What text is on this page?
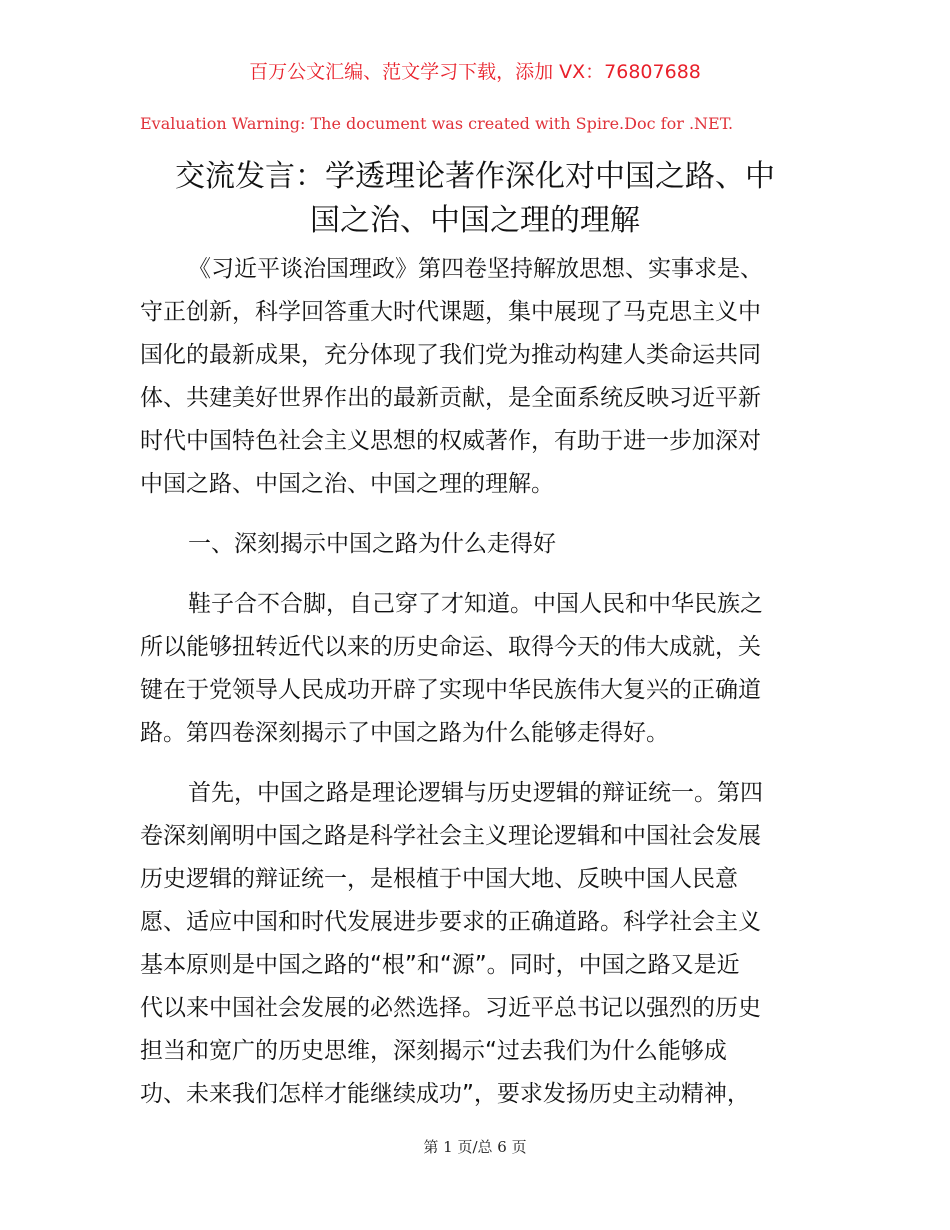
百万公文汇编、范文学习下载，添加 VX：76807688
Evaluation Warning: The document was created with Spire.Doc for .NET.
交流发言：学透理论著作深化对中国之路、中
国之治、中国之理的理解
《习近平谈治国理政》第四卷坚持解放思想、实事求是、
守正创新，科学回答重大时代课题，集中展现了马克思主义中
国化的最新成果，充分体现了我们党为推动构建人类命运共同
体、共建美好世界作出的最新贡献，是全面系统反映习近平新
时代中国特色社会主义思想的权威著作，有助于进一步加深对
中国之路、中国之治、中国之理的理解。
一、深刻揭示中国之路为什么走得好
鞋子合不合脚，自己穿了才知道。中国人民和中华民族之
所以能够扭转近代以来的历史命运、取得今天的伟大成就，关
键在于党领导人民成功开辟了实现中华民族伟大复兴的正确道
路。第四卷深刻揭示了中国之路为什么能够走得好。
首先，中国之路是理论逻辑与历史逻辑的辩证统一。第四
卷深刻阐明中国之路是科学社会主义理论逻辑和中国社会发展
历史逻辑的辩证统一，是根植于中国大地、反映中国人民意
愿、适应中国和时代发展进步要求的正确道路。科学社会主义
基本原则是中国之路的“根”和“源”。同时，中国之路又是近
代以来中国社会发展的必然选择。习近平总书记以强烈的历史
担当和宽广的历史思维，深刻揭示“过去我们为什么能够成
功、未来我们怎样才能继续成功”，要求发扬历史主动精神，
第 1 页/总 6 页
